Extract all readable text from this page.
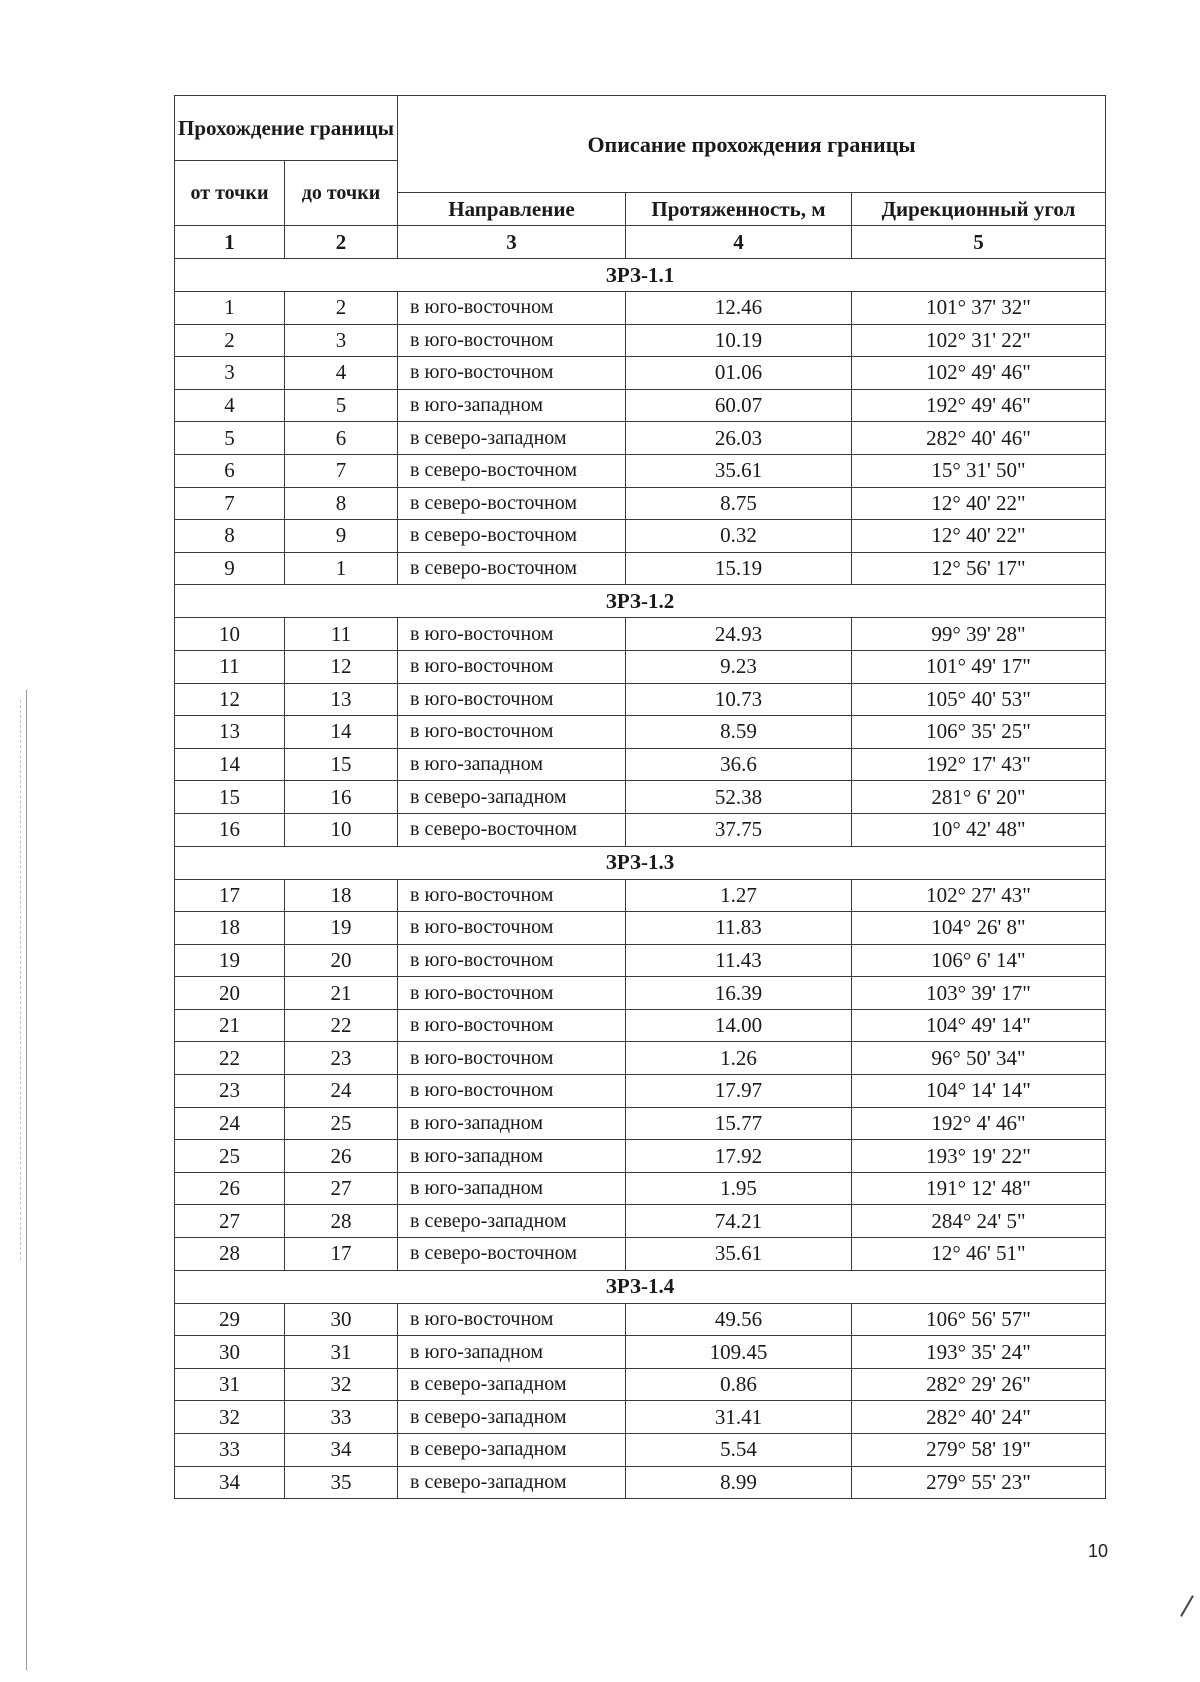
Прохождение границы		Описание прохождения границы		
от точки	до точки			
		Направление	Протяженность, м	Дирекционный угол
1	2	3	4	5
ЗРЗ-1.1				
1	2	в юго-восточном	12.46	101° 37' 32"
2	3	в юго-восточном	10.19	102° 31' 22"
3	4	в юго-восточном	01.06	102° 49' 46"
4	5	в юго-западном	60.07	192° 49' 46"
5	6	в северо-западном	26.03	282° 40' 46"
6	7	в северо-восточном	35.61	15° 31' 50"
7	8	в северо-восточном	8.75	12° 40' 22"
8	9	в северо-восточном	0.32	12° 40' 22"
9	1	в северо-восточном	15.19	12° 56' 17"
ЗРЗ-1.2				
10	11	в юго-восточном	24.93	99° 39' 28"
11	12	в юго-восточном	9.23	101° 49' 17"
12	13	в юго-восточном	10.73	105° 40' 53"
13	14	в юго-восточном	8.59	106° 35' 25"
14	15	в юго-западном	36.6	192° 17' 43"
15	16	в северо-западном	52.38	281° 6' 20"
16	10	в северо-восточном	37.75	10° 42' 48"
ЗРЗ-1.3				
17	18	в юго-восточном	1.27	102° 27' 43"
18	19	в юго-восточном	11.83	104° 26' 8"
19	20	в юго-восточном	11.43	106° 6' 14"
20	21	в юго-восточном	16.39	103° 39' 17"
21	22	в юго-восточном	14.00	104° 49' 14"
22	23	в юго-восточном	1.26	96° 50' 34"
23	24	в юго-восточном	17.97	104° 14' 14"
24	25	в юго-западном	15.77	192° 4' 46"
25	26	в юго-западном	17.92	193° 19' 22"
26	27	в юго-западном	1.95	191° 12' 48"
27	28	в северо-западном	74.21	284° 24' 5"
28	17	в северо-восточном	35.61	12° 46' 51"
ЗРЗ-1.4				
29	30	в юго-восточном	49.56	106° 56' 57"
30	31	в юго-западном	109.45	193° 35' 24"
31	32	в северо-западном	0.86	282° 29' 26"
32	33	в северо-западном	31.41	282° 40' 24"
33	34	в северо-западном	5.54	279° 58' 19"
34	35	в северо-западном	8.99	279° 55' 23"
10
